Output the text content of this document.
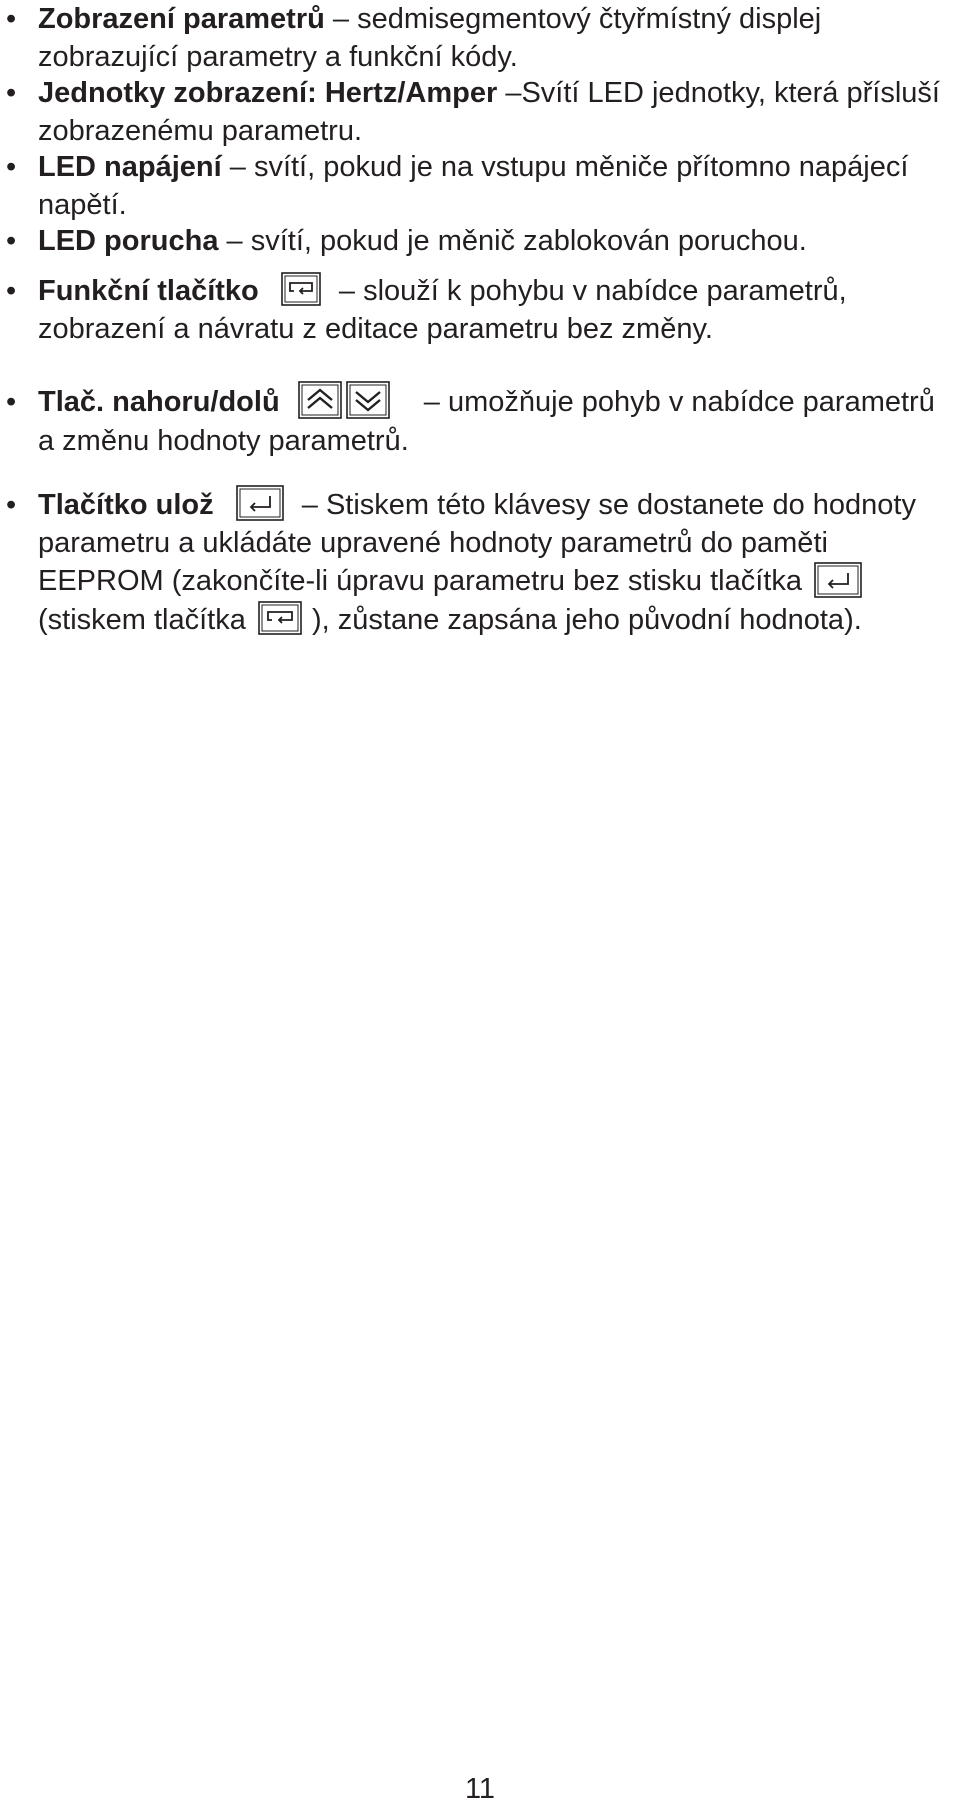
• Zobrazení parametrů – sedmisegmentový čtyřmístný displej zobrazující parametry a funkční kódy.
• Jednotky zobrazení: Hertz/Amper –Svítí LED jednotky, která přísluší zobrazenému parametru.
• LED napájení – svítí, pokud je na vstupu měniče přítomno napájecí napětí.
• LED porucha – svítí, pokud je měnič zablokován poruchou.
• Funkční tlačítko
– slouží k pohybu v nabídce parametrů, zobrazení a návratu z editace parametru bez změny.
• Tlač. nahoru/dolů	– umožňuje pohyb v nabídce parametrů a změnu hodnoty parametrů.
• Tlačítko ulož	– Stiskem této klávesy se dostanete do hodnoty parametru a ukládáte upravené hodnoty parametrů do paměti EEPROM (zakončíte-li úpravu parametru bez stisku tlačítka
(stiskem tlačítka
), zůstane zapsána jeho původní hodnota).
11
